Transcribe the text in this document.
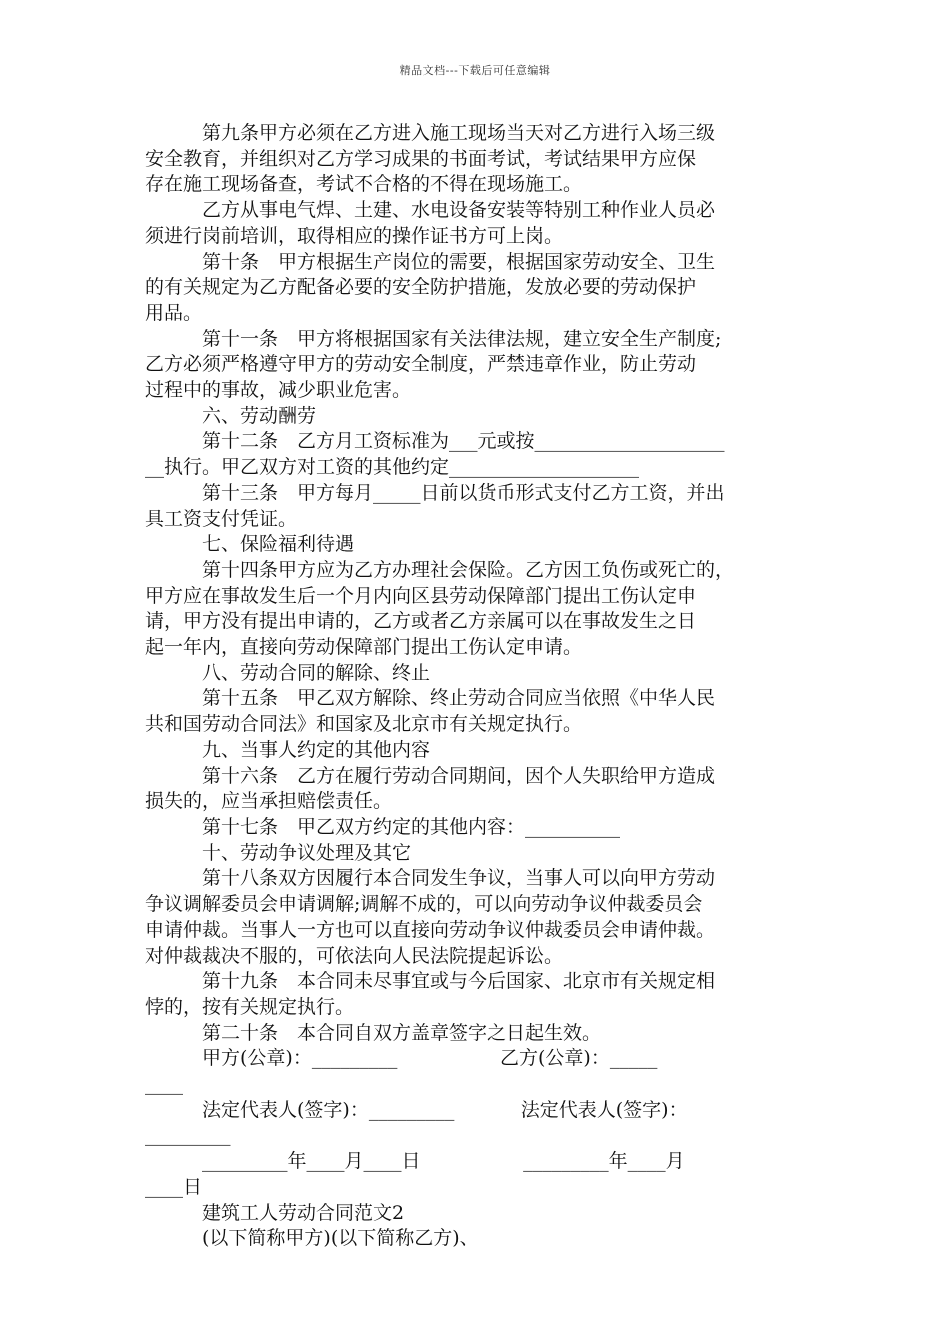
精品文档---下载后可任意编辑

第九条甲方必须在乙方进入施工现场当天对乙方进行入场三级

安全教育，并组织对乙方学习成果的书面考试，考试结果甲方应保

存在施工现场备查，考试不合格的不得在现场施工。

乙方从事电气焊、土建、水电设备安装等特别工种作业人员必

须进行岗前培训，取得相应的操作证书方可上岗。

第十条　甲方根据生产岗位的需要，根据国家劳动安全、卫生

的有关规定为乙方配备必要的安全防护措施，发放必要的劳动保护

用品。

第十一条　甲方将根据国家有关法律法规，建立安全生产制度;

乙方必须严格遵守甲方的劳动安全制度，严禁违章作业，防止劳动

过程中的事故，减少职业危害。

六、劳动酬劳

第十二条　乙方月工资标准为___元或按____________________

__执行。甲乙双方对工资的其他约定____________________

第十三条　甲方每月_____日前以货币形式支付乙方工资，并出

具工资支付凭证。

七、保险福利待遇

第十四条甲方应为乙方办理社会保险。乙方因工负伤或死亡的，

甲方应在事故发生后一个月内向区县劳动保障部门提出工伤认定申

请，甲方没有提出申请的，乙方或者乙方亲属可以在事故发生之日

起一年内，直接向劳动保障部门提出工伤认定申请。

八、劳动合同的解除、终止

第十五条　甲乙双方解除、终止劳动合同应当依照《中华人民

共和国劳动合同法》和国家及北京市有关规定执行。

九、当事人约定的其他内容

第十六条　乙方在履行劳动合同期间，因个人失职给甲方造成

损失的，应当承担赔偿责任。

第十七条　甲乙双方约定的其他内容：__________

十、劳动争议处理及其它

第十八条双方因履行本合同发生争议，当事人可以向甲方劳动

争议调解委员会申请调解;调解不成的，可以向劳动争议仲裁委员会

申请仲裁。当事人一方也可以直接向劳动争议仲裁委员会申请仲裁。

对仲裁裁决不服的，可依法向人民法院提起诉讼。

第十九条　本合同未尽事宜或与今后国家、北京市有关规定相

悖的，按有关规定执行。

第二十条　本合同自双方盖章签字之日起生效。

甲方(公章)：_________                 乙方(公章)：_____

____

法定代表人(签字)：_________           法定代表人(签字)：

_________

_________年____月____日                 _________年____月

____日

建筑工人劳动合同范文2

(以下简称甲方)(以下简称乙方)、
